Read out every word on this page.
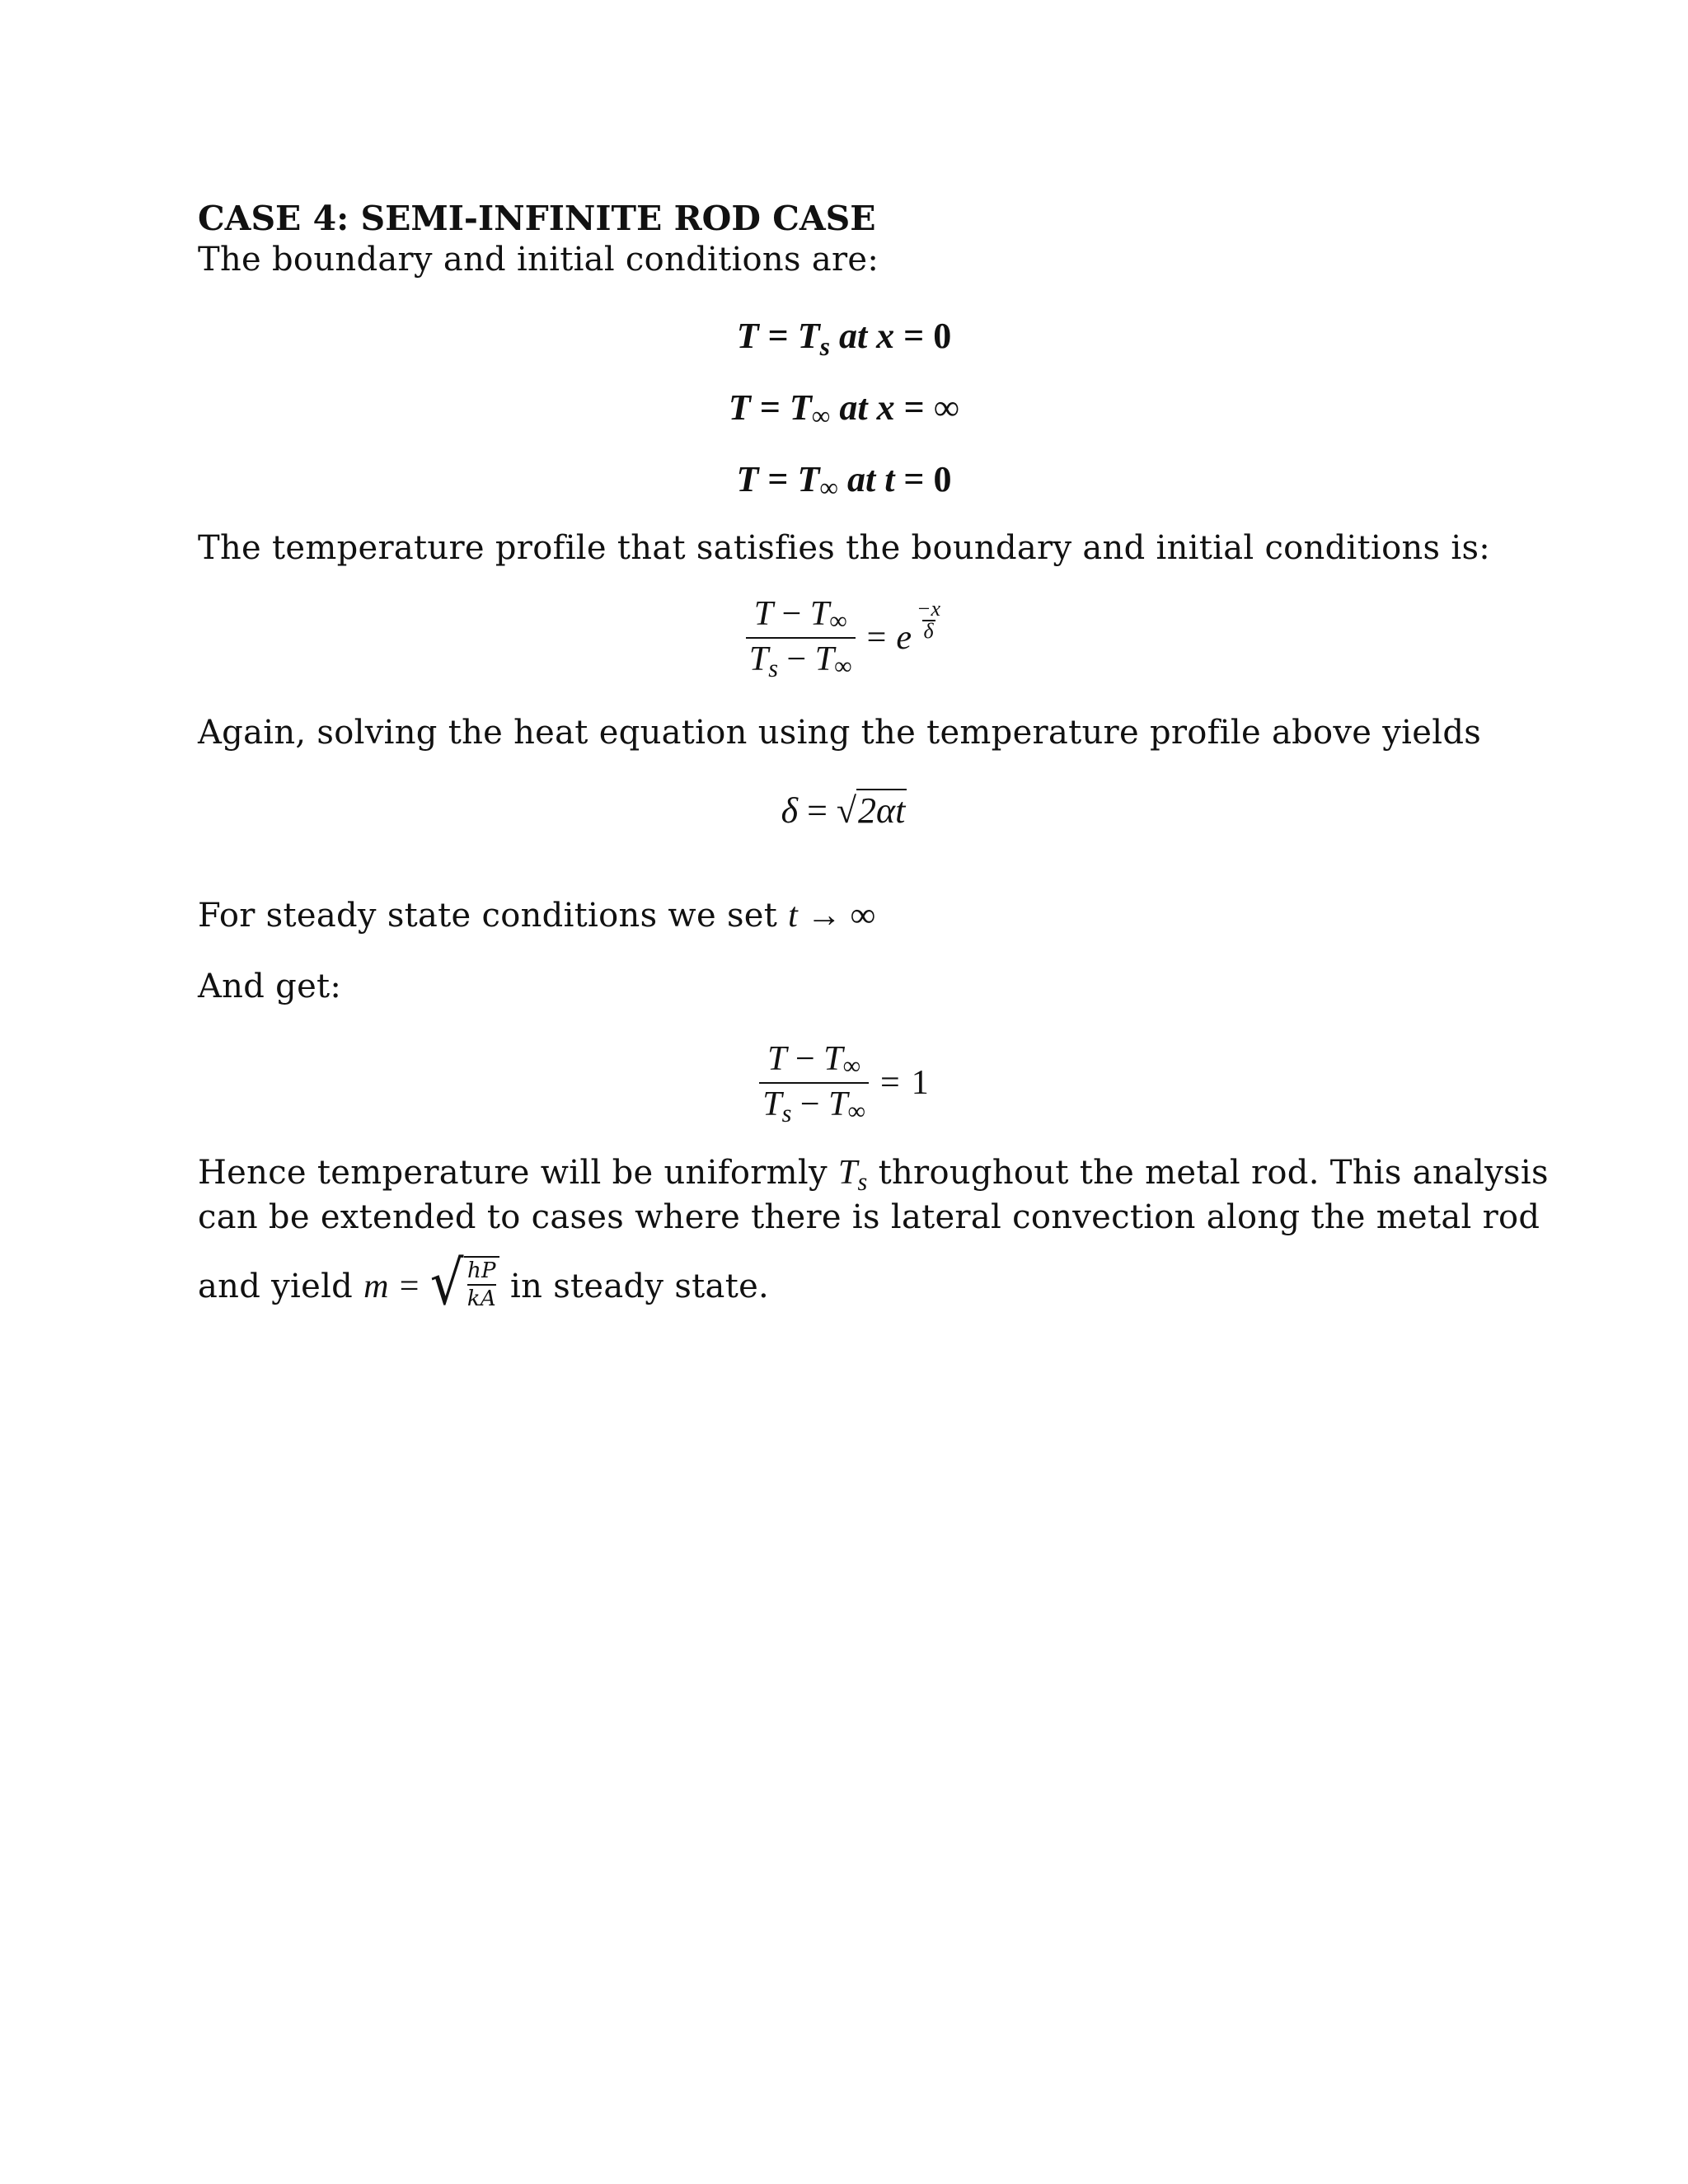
CASE 4: SEMI-INFINITE ROD CASE
The boundary and initial conditions are:
$T = T_s$ at x = 0
T = T∞ at x = ∞
T = T∞ at t = 0
The temperature profile that satisfies the boundary and initial conditions is:
$\frac{T - T\infty}{T_s - T\infty} = e \frac{-x}{\delta}$
Again, solving the heat equation using the temperature profile above yields
δ = √2αt
For steady state conditions we set t → ∞
And get:
$\frac{T - T\infty}{T_s - T\infty} = 1$
Hence temperature will be uniformly $T_s$ throughout the metal rod. This analysis
can be extended to cases where there is lateral convection along the metal rod
and yield m = √ $\frac{hP}{kA}$ in steady state.
